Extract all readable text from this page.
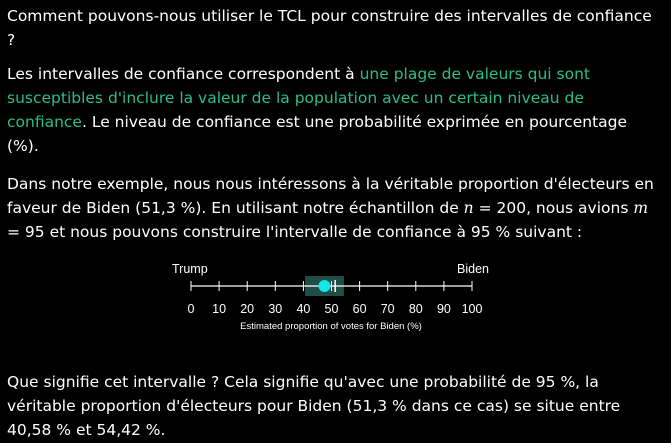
Comment pouvons-nous utiliser le TCL pour construire des intervalles de confiance ?

Les intervalles de confiance correspondent à une plage de valeurs qui sont susceptibles d'inclure la valeur de la population avec un certain niveau de confiance. Le niveau de confiance est une probabilité exprimée en pourcentage (%).

Dans notre exemple, nous nous intéressons à la véritable proportion d'électeurs en faveur de Biden (51,3 %). En utilisant notre échantillon de n = 200, nous avions m = 95 et nous pouvons construire l'intervalle de confiance à 95 % suivant :

Que signifie cet intervalle ? Cela signifie qu'avec une probabilité de 95 %, la véritable proportion d'électeurs pour Biden (51,3 % dans ce cas) se situe entre 40,58 % et 54,42 %.

Trump	Biden
0 10 20 30 40 50 60 70 80 90 100
Estimated proportion of votes for Biden (%)
